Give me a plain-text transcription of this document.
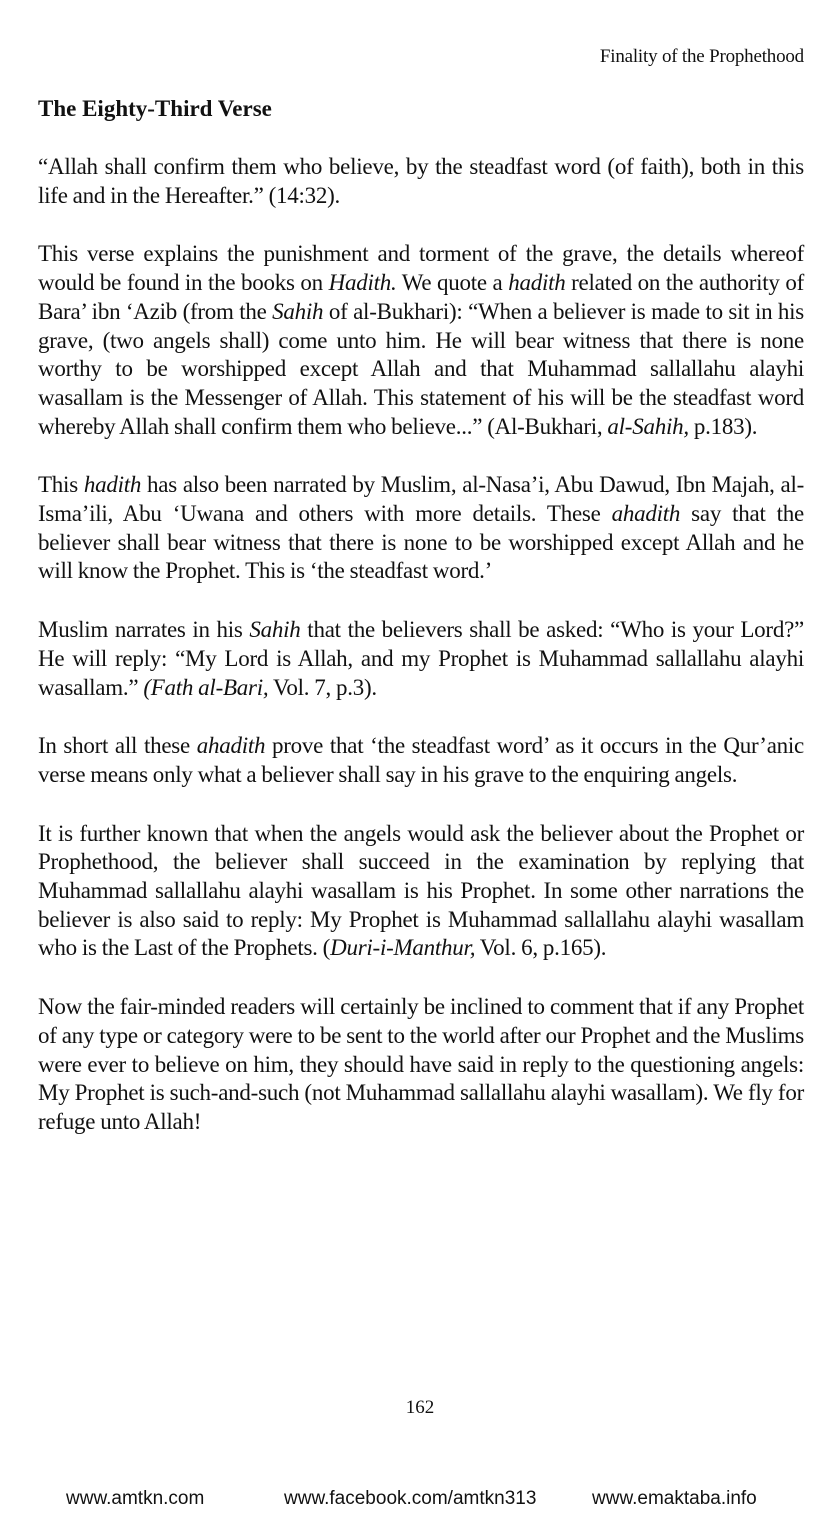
Finality of the Prophethood
The Eighty-Third Verse

“Allah shall confirm them who believe, by the steadfast word (of faith), both in this life and in the Hereafter.” (14:32).

This verse explains the punishment and torment of the grave, the details whereof would be found in the books on Hadith. We quote a hadith related on the authority of Bara’ ibn ‘Azib (from the Sahih of al-Bukhari): “When a believer is made to sit in his grave, (two angels shall) come unto him. He will bear witness that there is none worthy to be worshipped except Allah and that Muhammad sallallahu alayhi wasallam is the Messenger of Allah. This statement of his will be the steadfast word whereby Allah shall confirm them who believe...” (Al-Bukhari, al-Sahih, p.183).

This hadith has also been narrated by Muslim, al-Nasa’i, Abu Dawud, Ibn Majah, al-Isma’ili, Abu ‘Uwana and others with more details. These ahadith say that the believer shall bear witness that there is none to be worshipped except Allah and he will know the Prophet. This is ‘the steadfast word.’

Muslim narrates in his Sahih that the believers shall be asked: “Who is your Lord?” He will reply: “My Lord is Allah, and my Prophet is Muhammad sallallahu alayhi wasallam.” (Fath al-Bari, Vol. 7, p.3).

In short all these ahadith prove that ‘the steadfast word’ as it occurs in the Qur’anic verse means only what a believer shall say in his grave to the enquiring angels.

It is further known that when the angels would ask the believer about the Prophet or Prophethood, the believer shall succeed in the examination by replying that Muhammad sallallahu alayhi wasallam is his Prophet. In some other narrations the believer is also said to reply: My Prophet is Muhammad sallallahu alayhi wasallam who is the Last of the Prophets. (Duri-i-Manthur, Vol. 6, p.165).

Now the fair-minded readers will certainly be inclined to comment that if any Prophet of any type or category were to be sent to the world after our Prophet and the Muslims were ever to believe on him, they should have said in reply to the questioning angels: My Prophet is such-and-such (not Muhammad sallallahu alayhi wasallam). We fly for refuge unto Allah!

162
www.amtkn.com	www.facebook.com/amtkn313	www.emaktaba.info
